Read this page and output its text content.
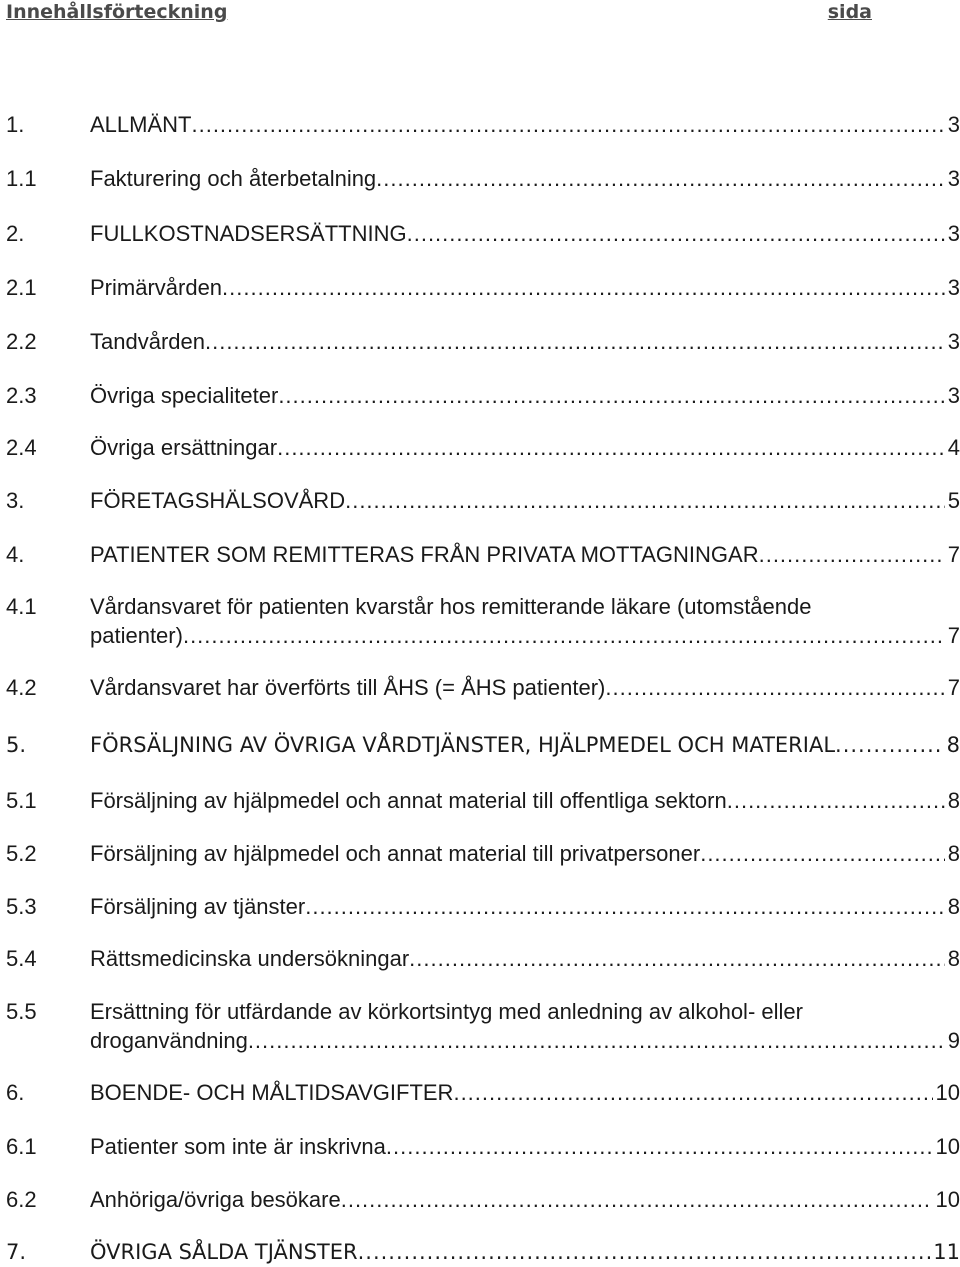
Innehållsförteckning	sida
1.	ALLMÄNT .....	3
1.1 Fakturering och återbetalning .....	3
2.	FULLKOSTNADSERSÄTTNING .....	3
2.1 Primärvården .....	3
2.2 Tandvården .....	3
2.3 Övriga specialiteter .....	3
2.4 Övriga ersättningar .....	4
3.	FÖRETAGSHÄLSOVÅRD .....	5
4.	PATIENTER SOM REMITTERAS FRÅN PRIVATA MOTTAGNINGAR .....	7
4.1 Vårdansvaret för patienten kvarstår hos remitterande läkare (utomstående
patienter) .....	7
4.2 Vårdansvaret har överförts till ÅHS (= ÅHS patienter) .....	7
5.	FÖRSÄLJNING AV ÖVRIGA VÅRDTJÄNSTER, HJÄLPMEDEL OCH MATERIAL .....	8
5.1 Försäljning av hjälpmedel och annat material till offentliga sektorn .....	8
5.2 Försäljning av hjälpmedel och annat material till privatpersoner .....	8
5.3 Försäljning av tjänster .....	8
5.4 Rättsmedicinska undersökningar .....	8
5.5 Ersättning för utfärdande av körkortsintyg med anledning av alkohol- eller
droganvändning .....	9
6.	BOENDE- OCH MÅLTIDSAVGIFTER .....	10
6.1 Patienter som inte är inskrivna .....	10
6.2 Anhöriga/övriga besökare .....	10
7.	ÖVRIGA SÅLDA TJÄNSTER .....	11
